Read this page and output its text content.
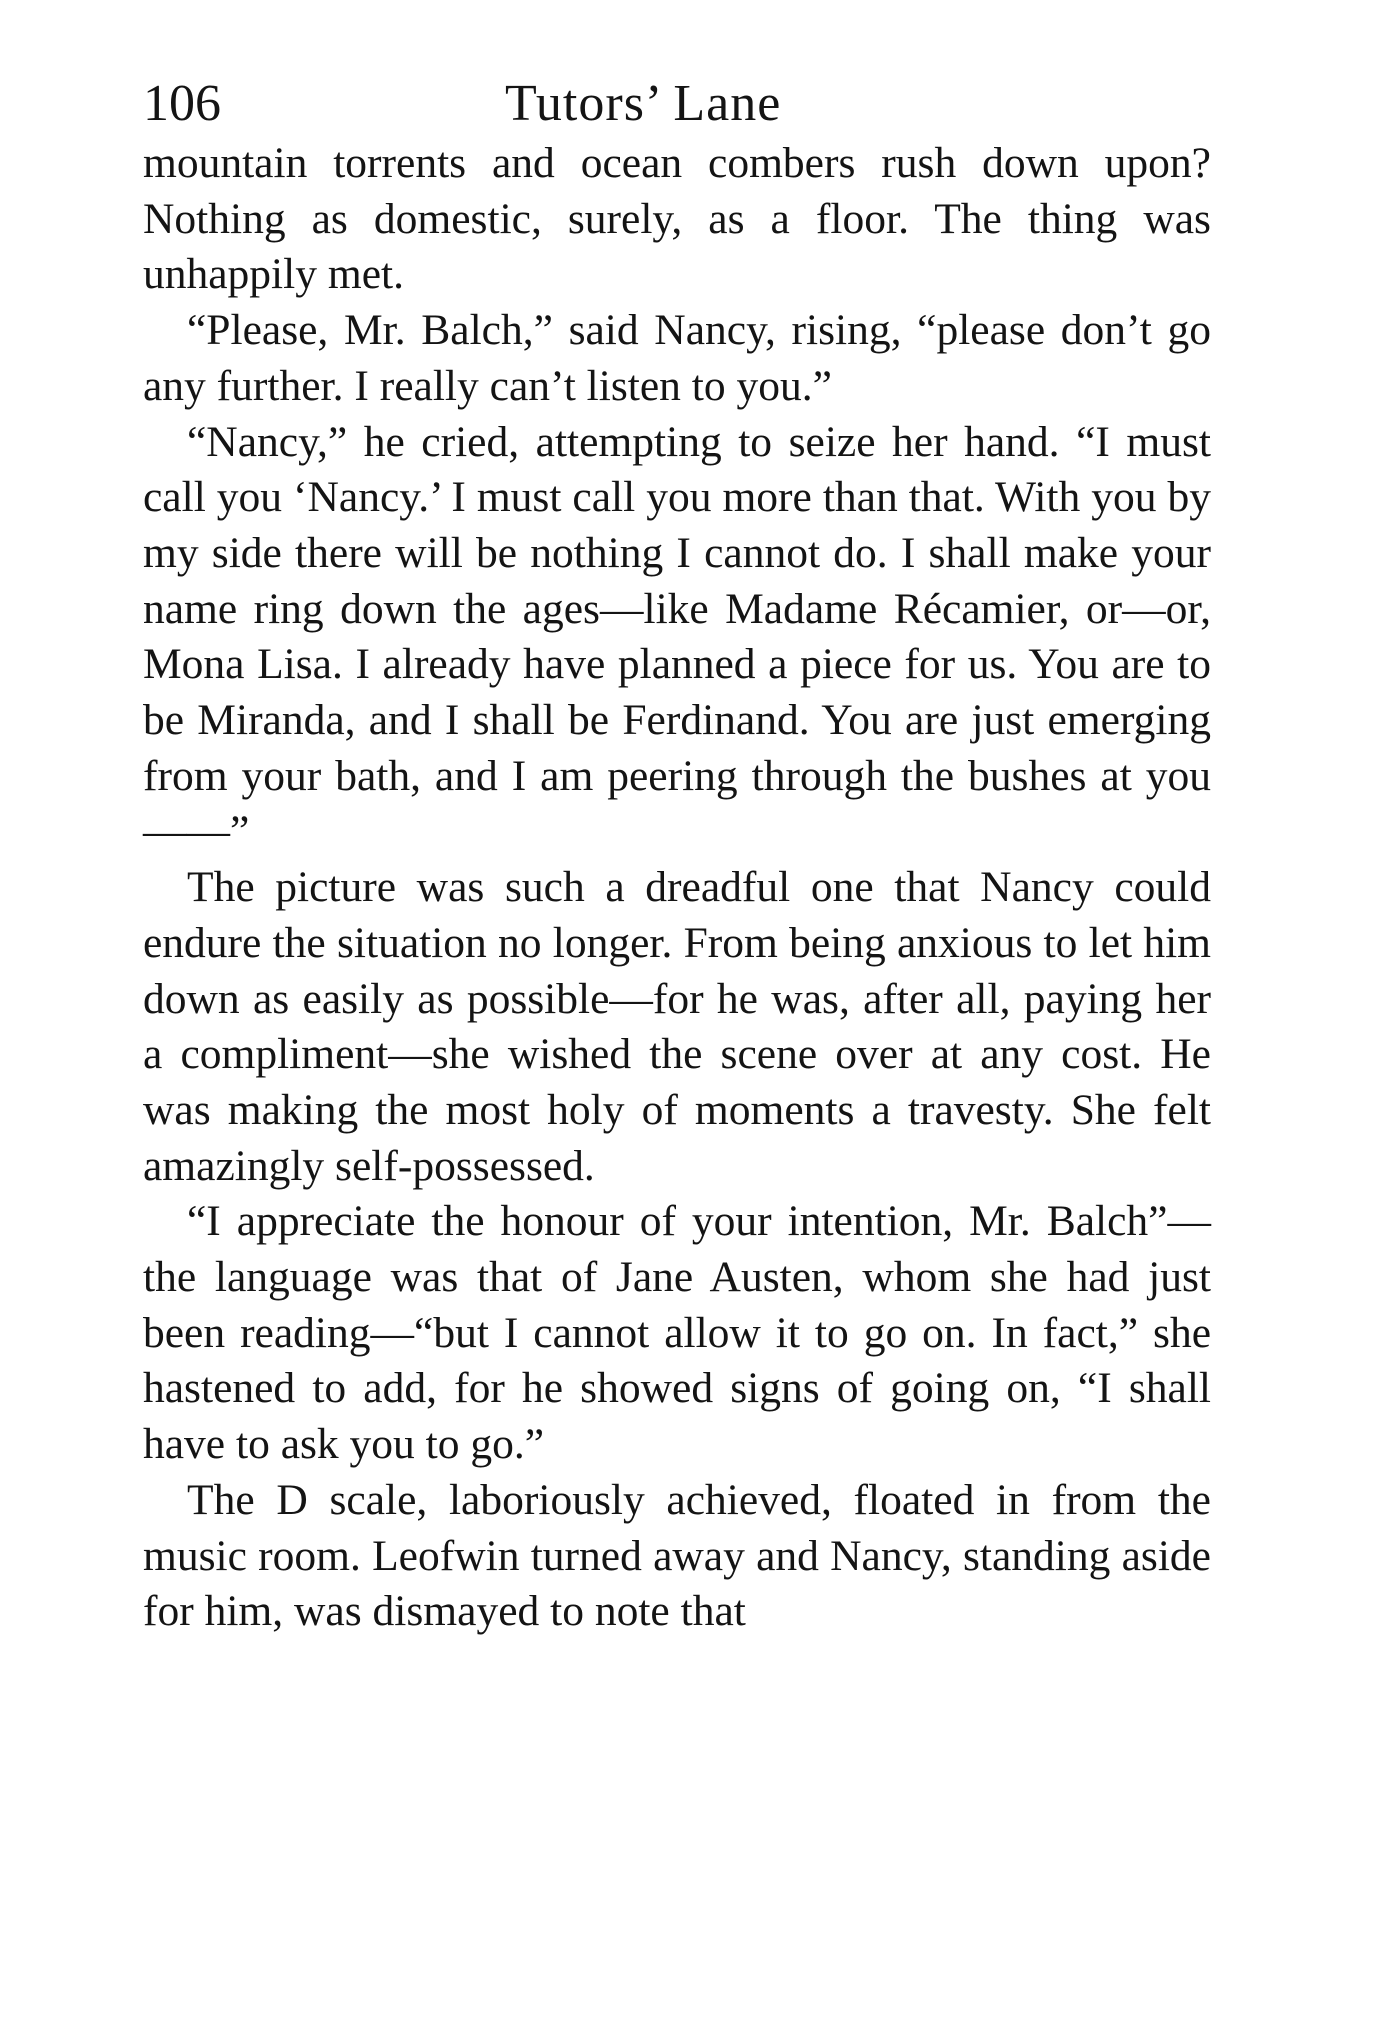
106	Tutors’ Lane

mountain torrents and ocean combers rush down upon? Nothing as domestic, surely, as a floor. The thing was unhappily met.

“Please, Mr. Balch,” said Nancy, rising, “please don’t go any further. I really can’t listen to you.”

“Nancy,” he cried, attempting to seize her hand. “I must call you ‘Nancy.’ I must call you more than that. With you by my side there will be nothing I cannot do. I shall make your name ring down the ages—like Madame Récamier, or—or, Mona Lisa. I already have planned a piece for us. You are to be Miranda, and I shall be Ferdinand. You are just emerging from your bath, and I am peering through the bushes at you——”

The picture was such a dreadful one that Nancy could endure the situation no longer. From being anxious to let him down as easily as possible—for he was, after all, paying her a compliment—she wished the scene over at any cost. He was making the most holy of moments a travesty. She felt amazingly self-possessed.

“I appreciate the honour of your intention, Mr. Balch”—the language was that of Jane Austen, whom she had just been reading—“but I cannot allow it to go on. In fact,” she hastened to add, for he showed signs of going on, “I shall have to ask you to go.”

The D scale, laboriously achieved, floated in from the music room. Leofwin turned away and Nancy, standing aside for him, was dismayed to note that
